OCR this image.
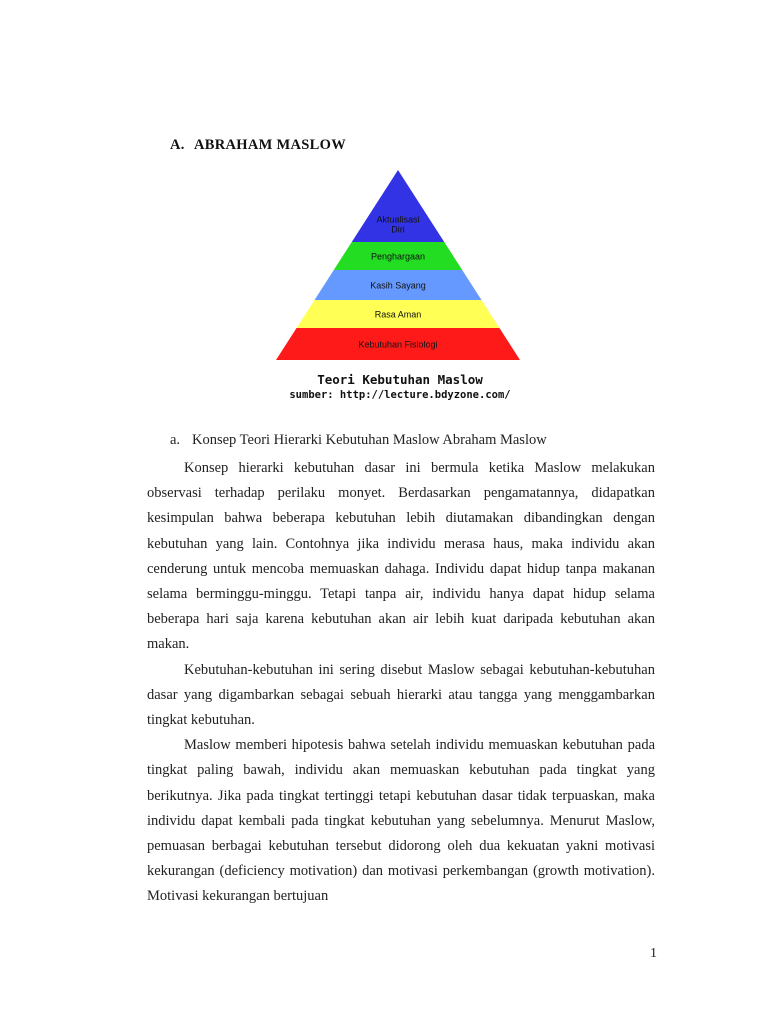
A. ABRAHAM MASLOW
Aktualisasi
Diri
Penghargaan
Kasih Sayang
Rasa Aman
Kebutuhan Fisiologi
Teori Kebutuhan Maslow
sumber: http://lecture.bdyzone.com/
a. Konsep Teori Hierarki Kebutuhan Maslow Abraham Maslow

Konsep hierarki kebutuhan dasar ini bermula ketika Maslow melakukan observasi terhadap perilaku monyet. Berdasarkan pengamatannya, didapatkan kesimpulan bahwa beberapa kebutuhan lebih diutamakan dibandingkan dengan kebutuhan yang lain. Contohnya jika individu merasa haus, maka individu akan cenderung untuk mencoba memuaskan dahaga. Individu dapat hidup tanpa makanan selama berminggu-minggu. Tetapi tanpa air, individu hanya dapat hidup selama beberapa hari saja karena kebutuhan akan air lebih kuat daripada kebutuhan akan makan.

Kebutuhan-kebutuhan ini sering disebut Maslow sebagai kebutuhan-kebutuhan dasar yang digambarkan sebagai sebuah hierarki atau tangga yang menggambarkan tingkat kebutuhan.

Maslow memberi hipotesis bahwa setelah individu memuaskan kebutuhan pada tingkat paling bawah, individu akan memuaskan kebutuhan pada tingkat yang berikutnya. Jika pada tingkat tertinggi tetapi kebutuhan dasar tidak terpuaskan, maka individu dapat kembali pada tingkat kebutuhan yang sebelumnya. Menurut Maslow, pemuasan berbagai kebutuhan tersebut didorong oleh dua kekuatan yakni motivasi kekurangan (deficiency motivation) dan motivasi perkembangan (growth motivation). Motivasi kekurangan bertujuan

1
